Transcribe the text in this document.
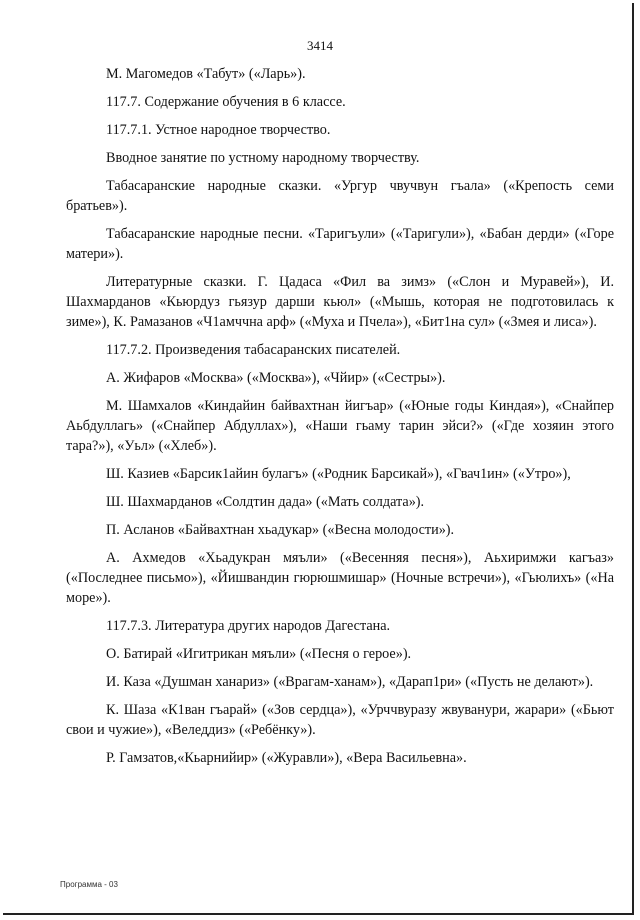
3414

М. Магомедов «Табут» («Ларь»).

117.7. Содержание обучения в 6 классе.

117.7.1. Устное народное творчество.

Вводное занятие по устному народному творчеству.

Табасаранские народные сказки. «Ургур чвучвун гъала» («Крепость семи братьев»).

Табасаранские народные песни. «Таригъули» («Таригули»), «Бабан дерди» («Горе матери»).

Литературные сказки. Г. Цадаса «Фил ва зимз» («Слон и Муравей»), И. Шахмарданов «Кьюрдуз гьязур дарши кьюл» («Мышь, которая не подготовилась к зиме»), К. Рамазанов «Ч1амччна арф» («Муха и Пчела»), «Бит1на сул» («Змея и лиса»).

117.7.2. Произведения табасаранских писателей.

А. Жифаров «Москва» («Москва»), «Чйир» («Сестры»).

М. Шамхалов «Киндайин байвахтнан йигъар» («Юные годы Киндая»), «Снайпер Аьбдуллагь» («Снайпер Абдуллах»), «Наши гьаму тарин эйси?» («Где хозяин этого тара?»), «Уьл» («Хлеб»).

Ш. Казиев «Барсик1айин булагъ» («Родник Барсикай»), «Гвач1ин» («Утро»),

Ш. Шахмарданов «Солдтин дада» («Мать солдата»).

П. Асланов «Байвахтнан хьадукар» («Весна молодости»).

А. Ахмедов «Хьадукран мяъли» («Весенняя песня»), Аьхиримжи кагъаз» («Последнее письмо»), «Йишвандин гюрюшмишар» (Ночные встречи»), «Гьюлихъ» («На море»).

117.7.3. Литература других народов Дагестана.

О. Батирай «Игитрикан мяъли» («Песня о герое»).

И. Каза «Душман ханариз» («Врагам-ханам»), «Дарап1ри» («Пусть не делают»).

К. Шаза «К1ван гъарай» («Зов сердца»), «Урччвуразу жвуванури, жарари» («Бьют свои и чужие»), «Веледдиз» («Ребёнку»).

Р. Гамзатов,«Кьарнийир» («Журавли»), «Вера Васильевна».

Программа - 03
